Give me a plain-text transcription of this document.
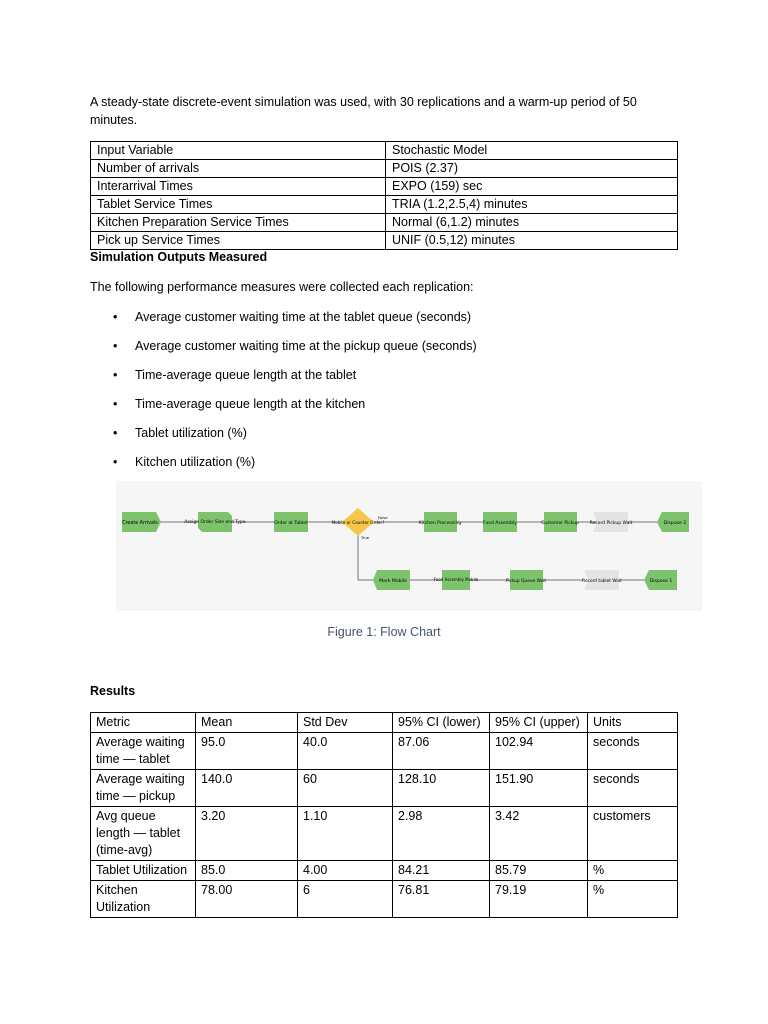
A steady-state discrete-event simulation was used, with 30 replications and a warm-up period of 50 minutes.
Input Variable	Stochastic Model
Number of arrivals	POIS (2.37)
Interarrival Times	EXPO (159) sec
Tablet Service Times	TRIA (1.2,2.5,4) minutes
Kitchen Preparation Service Times	Normal (6,1.2) minutes
Pick up Service Times	UNIF (0.5,12) minutes
Simulation Outputs Measured
The following performance measures were collected each replication:
• Average customer waiting time at the tablet queue (seconds)
• Average customer waiting time at the pickup queue (seconds)
• Time-average queue length at the tablet
• Time-average queue length at the kitchen
• Tablet utilization (%)
• Kitchen utilization (%)
Create Arrivals	Assign Order Size and Type	Order at Tablet	Mobile or Counter Order?
False
True
Kitchen Processing	Food Assembly	Customer Pickup Record Pickup Wait	Dispose 2
Mark Mobile	Food Assembly Mobile	Pickup Queue Wait	Record tablet Wait	Dispose 1
Figure 1: Flow Chart
Results
Metric	Mean	Std Dev	95% CI (lower)	95% CI (upper)	Units
Average waiting time — tablet	95.0	40.0	87.06	102.94	seconds
Average waiting time — pickup	140.0	60	128.10	151.90	seconds
Avg queue length — tablet (time-avg)	3.20	1.10	2.98	3.42	customers
Tablet Utilization	85.0	4.00	84.21	85.79	%
Kitchen Utilization	78.00	6	76.81	79.19	%
